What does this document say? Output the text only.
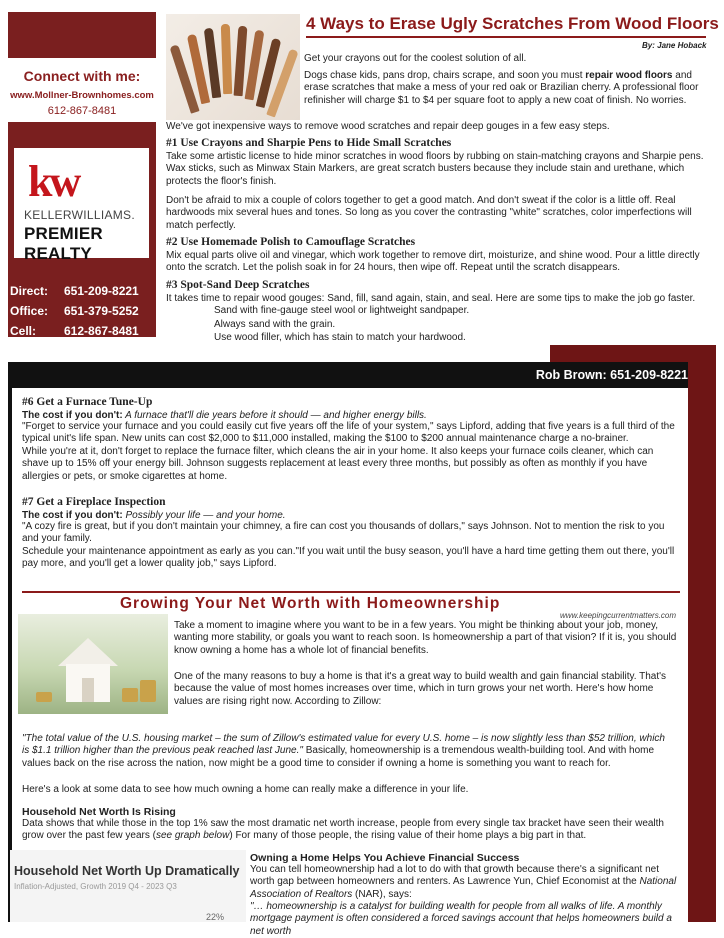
Connect with me:
www.Mollner-Brownhomes.com
612-867-8481
kw
KELLERWILLIAMS.
PREMIER REALTY
Direct: 651-209-8221
Office: 651-379-5252
Cell: 612-867-8481
4 Ways to Erase Ugly Scratches From Wood Floors
By: Jane Hoback
Get your crayons out for the coolest solution of all.
Dogs chase kids, pans drop, chairs scrape, and soon you must repair wood floors and erase scratches that make a mess of your red oak or Brazilian cherry. A professional floor refinisher will charge $1 to $4 per square foot to apply a new coat of finish. No worries.
We've got inexpensive ways to remove wood scratches and repair deep gouges in a few easy steps.
#1 Use Crayons and Sharpie Pens to Hide Small Scratches
Take some artistic license to hide minor scratches in wood floors by rubbing on stain-matching crayons and Sharpie pens. Wax sticks, such as Minwax Stain Markers, are great scratch busters because they include stain and urethane, which protects the floor's finish.
Don't be afraid to mix a couple of colors together to get a good match. And don't sweat if the color is a little off. Real hardwoods mix several hues and tones. So long as you cover the contrasting "white" scratches, color imperfections will match perfectly.
#2 Use Homemade Polish to Camouflage Scratches
Mix equal parts olive oil and vinegar, which work together to remove dirt, moisturize, and shine wood. Pour a little directly onto the scratch. Let the polish soak in for 24 hours, then wipe off. Repeat until the scratch disappears.
#3 Spot-Sand Deep Scratches
It takes time to repair wood gouges: Sand, fill, sand again, stain, and seal. Here are some tips to make the job go faster.
Sand with fine-gauge steel wool or lightweight sandpaper.
Always sand with the grain.
Use wood filler, which has stain to match your hardwood.
Rob Brown: 651-209-8221
#6 Get a Furnace Tune-Up
The cost if you don't: A furnace that'll die years before it should — and higher energy bills.
"Forget to service your furnace and you could easily cut five years off the life of your system," says Lipford, adding that five years is a full third of the typical unit's life span. New units can cost $2,000 to $11,000 installed, making the $100 to $200 annual maintenance charge a no-brainer.
While you're at it, don't forget to replace the furnace filter, which cleans the air in your home. It also keeps your furnace coils cleaner, which can shave up to 15% off your energy bill. Johnson suggests replacement at least every three months, but possibly as often as monthly if you have allergies or pets, or smoke cigarettes at home.
#7 Get a Fireplace Inspection
The cost if you don't: Possibly your life — and your home.
"A cozy fire is great, but if you don't maintain your chimney, a fire can cost you thousands of dollars," says Johnson. Not to mention the risk to you and your family.
Schedule your maintenance appointment as early as you can."If you wait until the busy season, you'll have a hard time getting them out there, you'll pay more, and you'll get a lower quality job," says Lipford.
Growing Your Net Worth with Homeownership
www.keepingcurrentmatters.com
Take a moment to imagine where you want to be in a few years. You might be thinking about your job, money, wanting more stability, or goals you want to reach soon. Is homeownership a part of that vision? If it is, you should know owning a home has a whole lot of financial benefits.
One of the many reasons to buy a home is that it's a great way to build wealth and gain financial stability. That's because the value of most homes increases over time, which in turn grows your net worth. Here's how home values are rising right now. According to Zillow:
"The total value of the U.S. housing market – the sum of Zillow's estimated value for every U.S. home – is now slightly less than $52 trillion, which is $1.1 trillion higher than the previous peak reached last June." Basically, homeownership is a tremendous wealth-building tool. And with home values back on the rise across the nation, now might be a good time to consider if owning a home is something you want to reach for.
Here's a look at some data to see how much owning a home can really make a difference in your life.
Household Net Worth Is Rising
Data shows that while those in the top 1% saw the most dramatic net worth increase, people from every single tax bracket have seen their wealth grow over the past few years (see graph below) For many of those people, the rising value of their home plays a big part in that.
Household Net Worth Up Dramatically
Inflation-Adjusted, Growth 2019 Q4 - 2023 Q3
22%
Owning a Home Helps You Achieve Financial Success
You can tell homeownership had a lot to do with that growth because there's a significant net worth gap between homeowners and renters. As Lawrence Yun, Chief Economist at the National Association of Realtors (NAR), says:
"… homeownership is a catalyst for building wealth for people from all walks of life. A monthly mortgage payment is often considered a forced savings account that helps homeowners build a net worth
